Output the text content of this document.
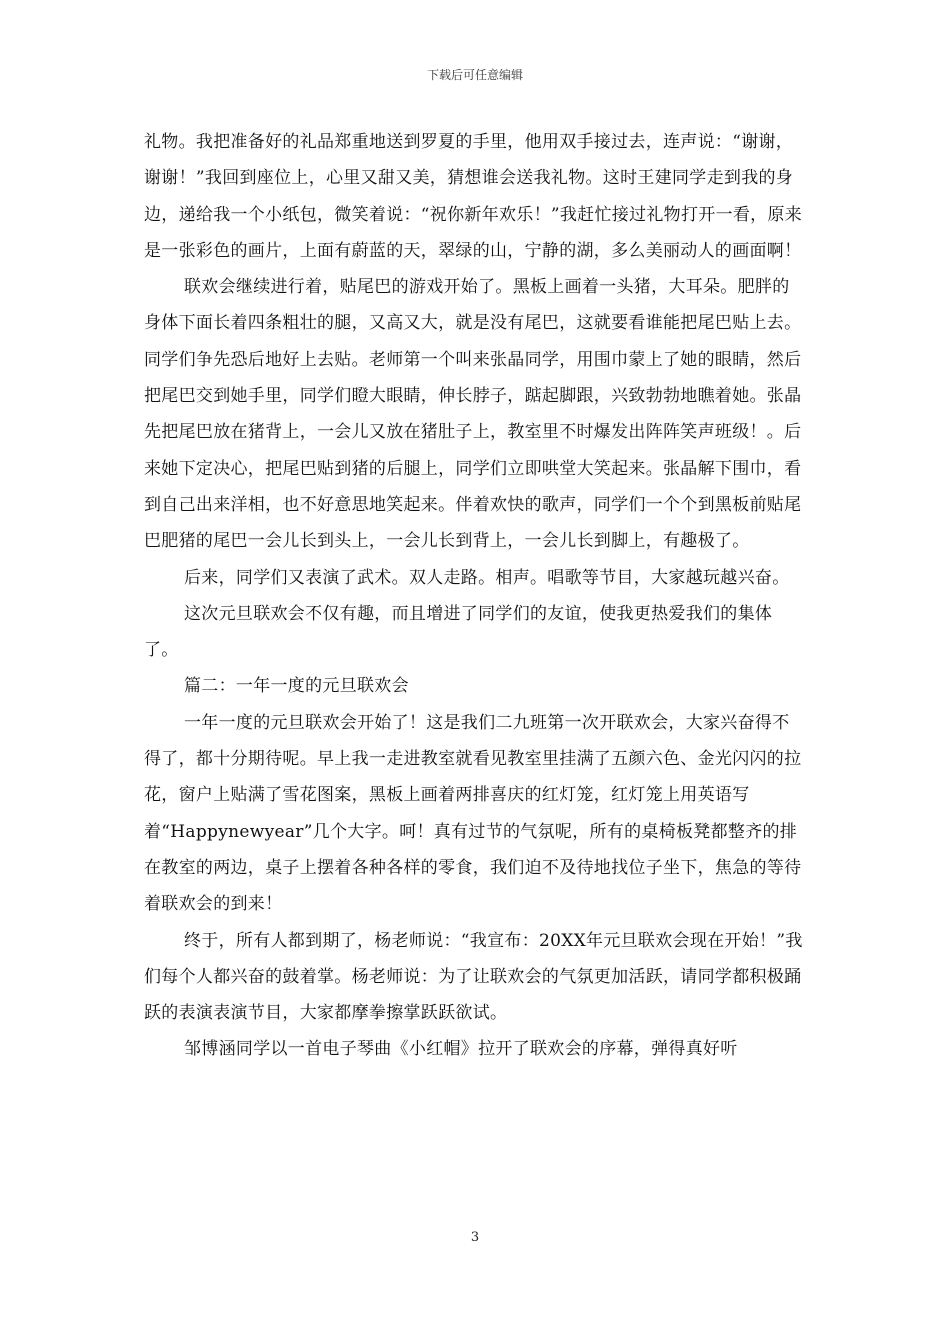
下载后可任意编辑

礼物。我把准备好的礼品郑重地送到罗夏的手里，他用双手接过去，连声说：“谢谢，谢谢！”我回到座位上，心里又甜又美，猜想谁会送我礼物。这时王建同学走到我的身边，递给我一个小纸包，微笑着说：“祝你新年欢乐！”我赶忙接过礼物打开一看，原来是一张彩色的画片，上面有蔚蓝的天，翠绿的山，宁静的湖，多么美丽动人的画面啊！

联欢会继续进行着，贴尾巴的游戏开始了。黑板上画着一头猪，大耳朵。肥胖的身体下面长着四条粗壮的腿，又高又大，就是没有尾巴，这就要看谁能把尾巴贴上去。同学们争先恐后地好上去贴。老师第一个叫来张晶同学，用围巾蒙上了她的眼睛，然后把尾巴交到她手里，同学们瞪大眼睛，伸长脖子，踮起脚跟，兴致勃勃地瞧着她。张晶先把尾巴放在猪背上，一会儿又放在猪肚子上，教室里不时爆发出阵阵笑声班级！。后来她下定决心，把尾巴贴到猪的后腿上，同学们立即哄堂大笑起来。张晶解下围巾，看到自己出来洋相，也不好意思地笑起来。伴着欢快的歌声，同学们一个个到黑板前贴尾巴肥猪的尾巴一会儿长到头上，一会儿长到背上，一会儿长到脚上，有趣极了。

后来，同学们又表演了武术。双人走路。相声。唱歌等节目，大家越玩越兴奋。

这次元旦联欢会不仅有趣，而且增进了同学们的友谊，使我更热爱我们的集体了。

篇二：一年一度的元旦联欢会

一年一度的元旦联欢会开始了！这是我们二九班第一次开联欢会，大家兴奋得不得了，都十分期待呢。早上我一走进教室就看见教室里挂满了五颜六色、金光闪闪的拉花，窗户上贴满了雪花图案，黑板上画着两排喜庆的红灯笼，红灯笼上用英语写着“Happynewyear”几个大字。呵！真有过节的气氛呢，所有的桌椅板凳都整齐的排在教室的两边，桌子上摆着各种各样的零食，我们迫不及待地找位子坐下，焦急的等待着联欢会的到来！

终于，所有人都到期了，杨老师说：“我宣布：20XX年元旦联欢会现在开始！”我们每个人都兴奋的鼓着掌。杨老师说：为了让联欢会的气氛更加活跃，请同学都积极踊跃的表演表演节目，大家都摩拳擦掌跃跃欲试。

邹博涵同学以一首电子琴曲《小红帽》拉开了联欢会的序幕，弹得真好听

3
